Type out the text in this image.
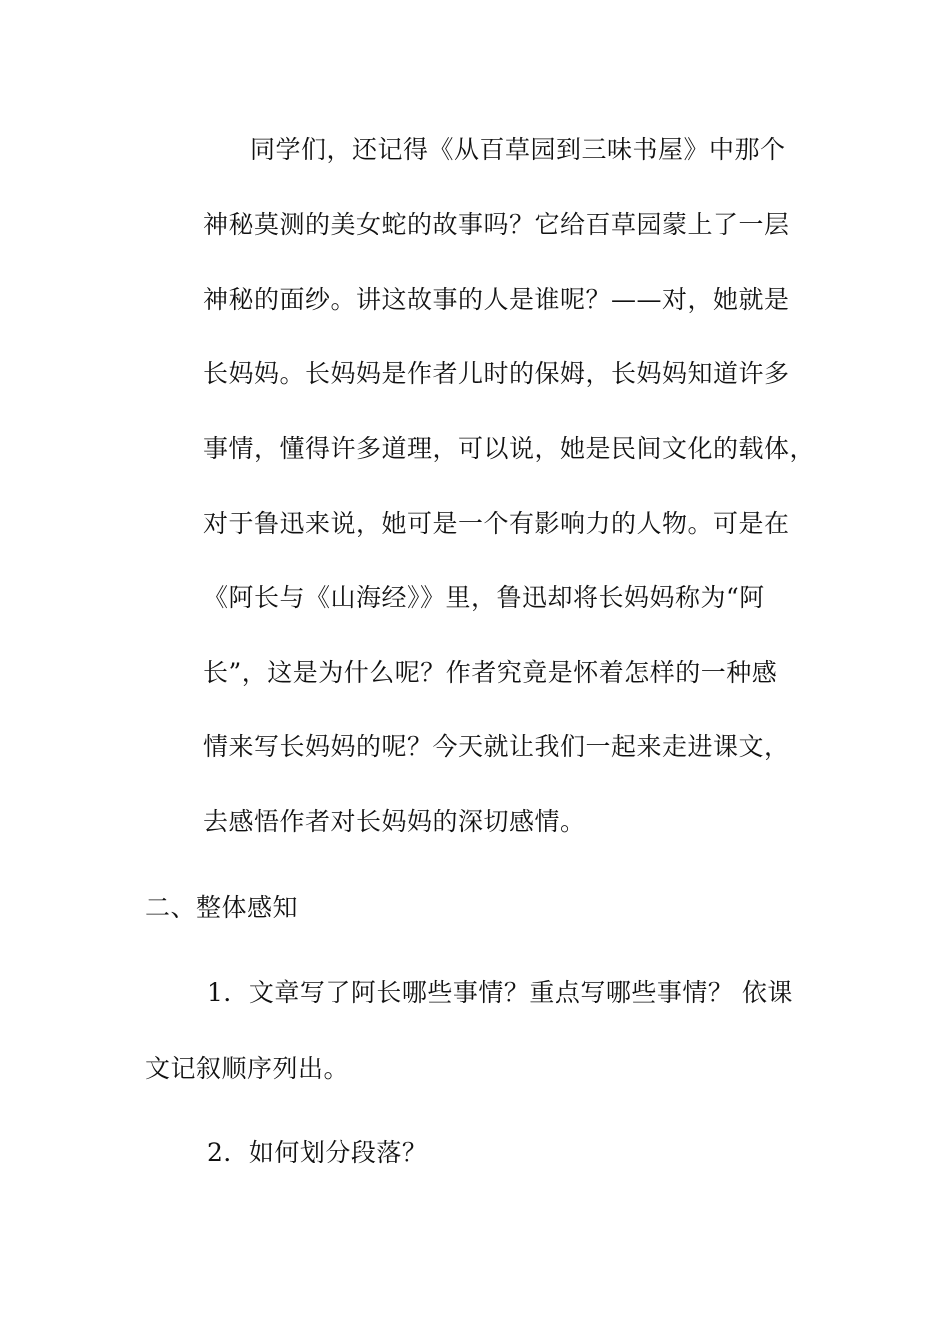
同学们，还记得《从百草园到三味书屋》中那个
神秘莫测的美女蛇的故事吗？它给百草园蒙上了一层
神秘的面纱。讲这故事的人是谁呢？——对，她就是
长妈妈。长妈妈是作者儿时的保姆，长妈妈知道许多
事情，懂得许多道理，可以说，她是民间文化的载体，
对于鲁迅来说，她可是一个有影响力的人物。可是在
《阿长与《山海经》》里，鲁迅却将长妈妈称为“阿
长”，这是为什么呢？作者究竟是怀着怎样的一种感
情来写长妈妈的呢？今天就让我们一起来走进课文，
去感悟作者对长妈妈的深切感情。
二、整体感知
1．文章写了阿长哪些事情？重点写哪些事情？ 依课
文记叙顺序列出。
2．如何划分段落？
